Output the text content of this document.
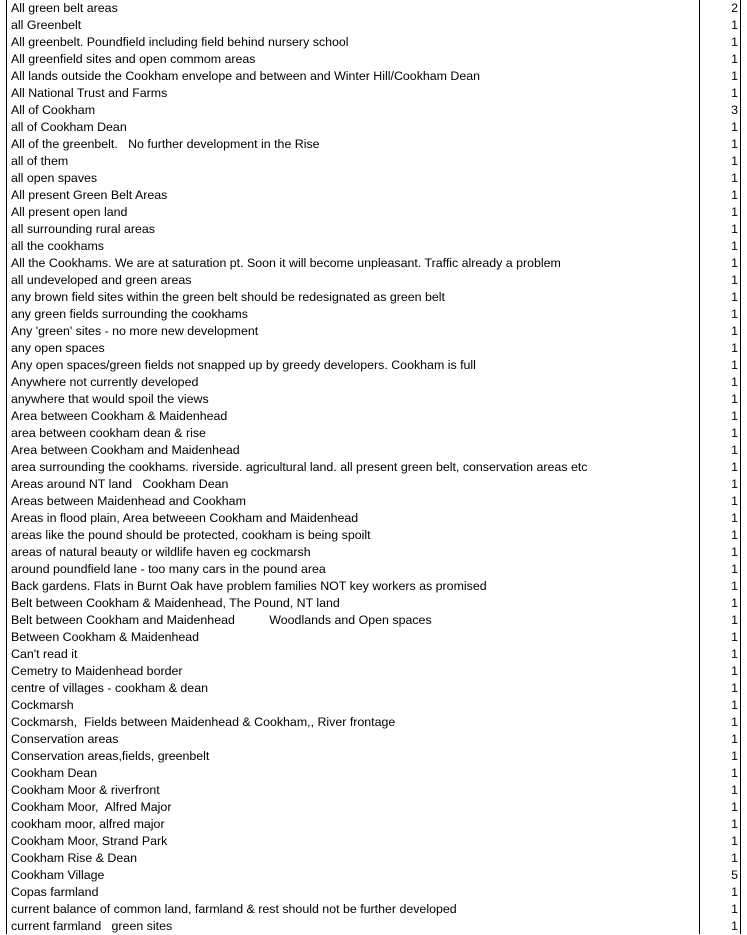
All green belt areas	2
all Greenbelt	1
All greenbelt. Poundfield including field behind nursery school	1
All greenfield sites and open commom areas	1
All lands outside the Cookham envelope and between and Winter Hill/Cookham Dean	1
All National Trust and Farms	1
All of Cookham	3
all of Cookham Dean	1
All of the greenbelt.   No further development in the Rise	1
all of them	1
all open spaves	1
All present Green Belt Areas	1
All present open land	1
all surrounding rural areas	1
all the cookhams	1
All the Cookhams. We are at saturation pt. Soon it will become unpleasant. Traffic already a problem	1
all undeveloped and green areas	1
any brown field sites within the green belt should be redesignated as green belt	1
any green fields surrounding the cookhams	1
Any 'green' sites - no more new development	1
any open spaces	1
Any open spaces/green fields not snapped up by greedy developers. Cookham is full	1
Anywhere not currently developed	1
anywhere that would spoil the views	1
Area between Cookham & Maidenhead	1
area between cookham dean & rise	1
Area between Cookham and Maidenhead	1
area surrounding the cookhams. riverside. agricultural land. all present green belt, conservation areas etc	1
Areas around NT land   Cookham Dean	1
Areas between Maidenhead and Cookham	1
Areas in flood plain, Area betweeen Cookham and Maidenhead	1
areas like the pound should be protected, cookham is being spoilt	1
areas of natural beauty or wildlife haven eg cockmarsh	1
around poundfield lane - too many cars in the pound area	1
Back gardens. Flats in Burnt Oak have problem families NOT key workers as promised	1
Belt between Cookham & Maidenhead, The Pound, NT land	1
Belt between Cookham and Maidenhead          Woodlands and Open spaces	1
Between Cookham & Maidenhead	1
Can't read it	1
Cemetry to Maidenhead border	1
centre of villages - cookham & dean	1
Cockmarsh	1
Cockmarsh,  Fields between Maidenhead & Cookham,, River frontage	1
Conservation areas	1
Conservation areas,fields, greenbelt	1
Cookham Dean	1
Cookham Moor & riverfront	1
Cookham Moor,  Alfred Major	1
cookham moor, alfred major	1
Cookham Moor, Strand Park	1
Cookham Rise & Dean	1
Cookham Village	5
Copas farmland	1
current balance of common land, farmland & rest should not be further developed	1
current farmland   green sites	1
